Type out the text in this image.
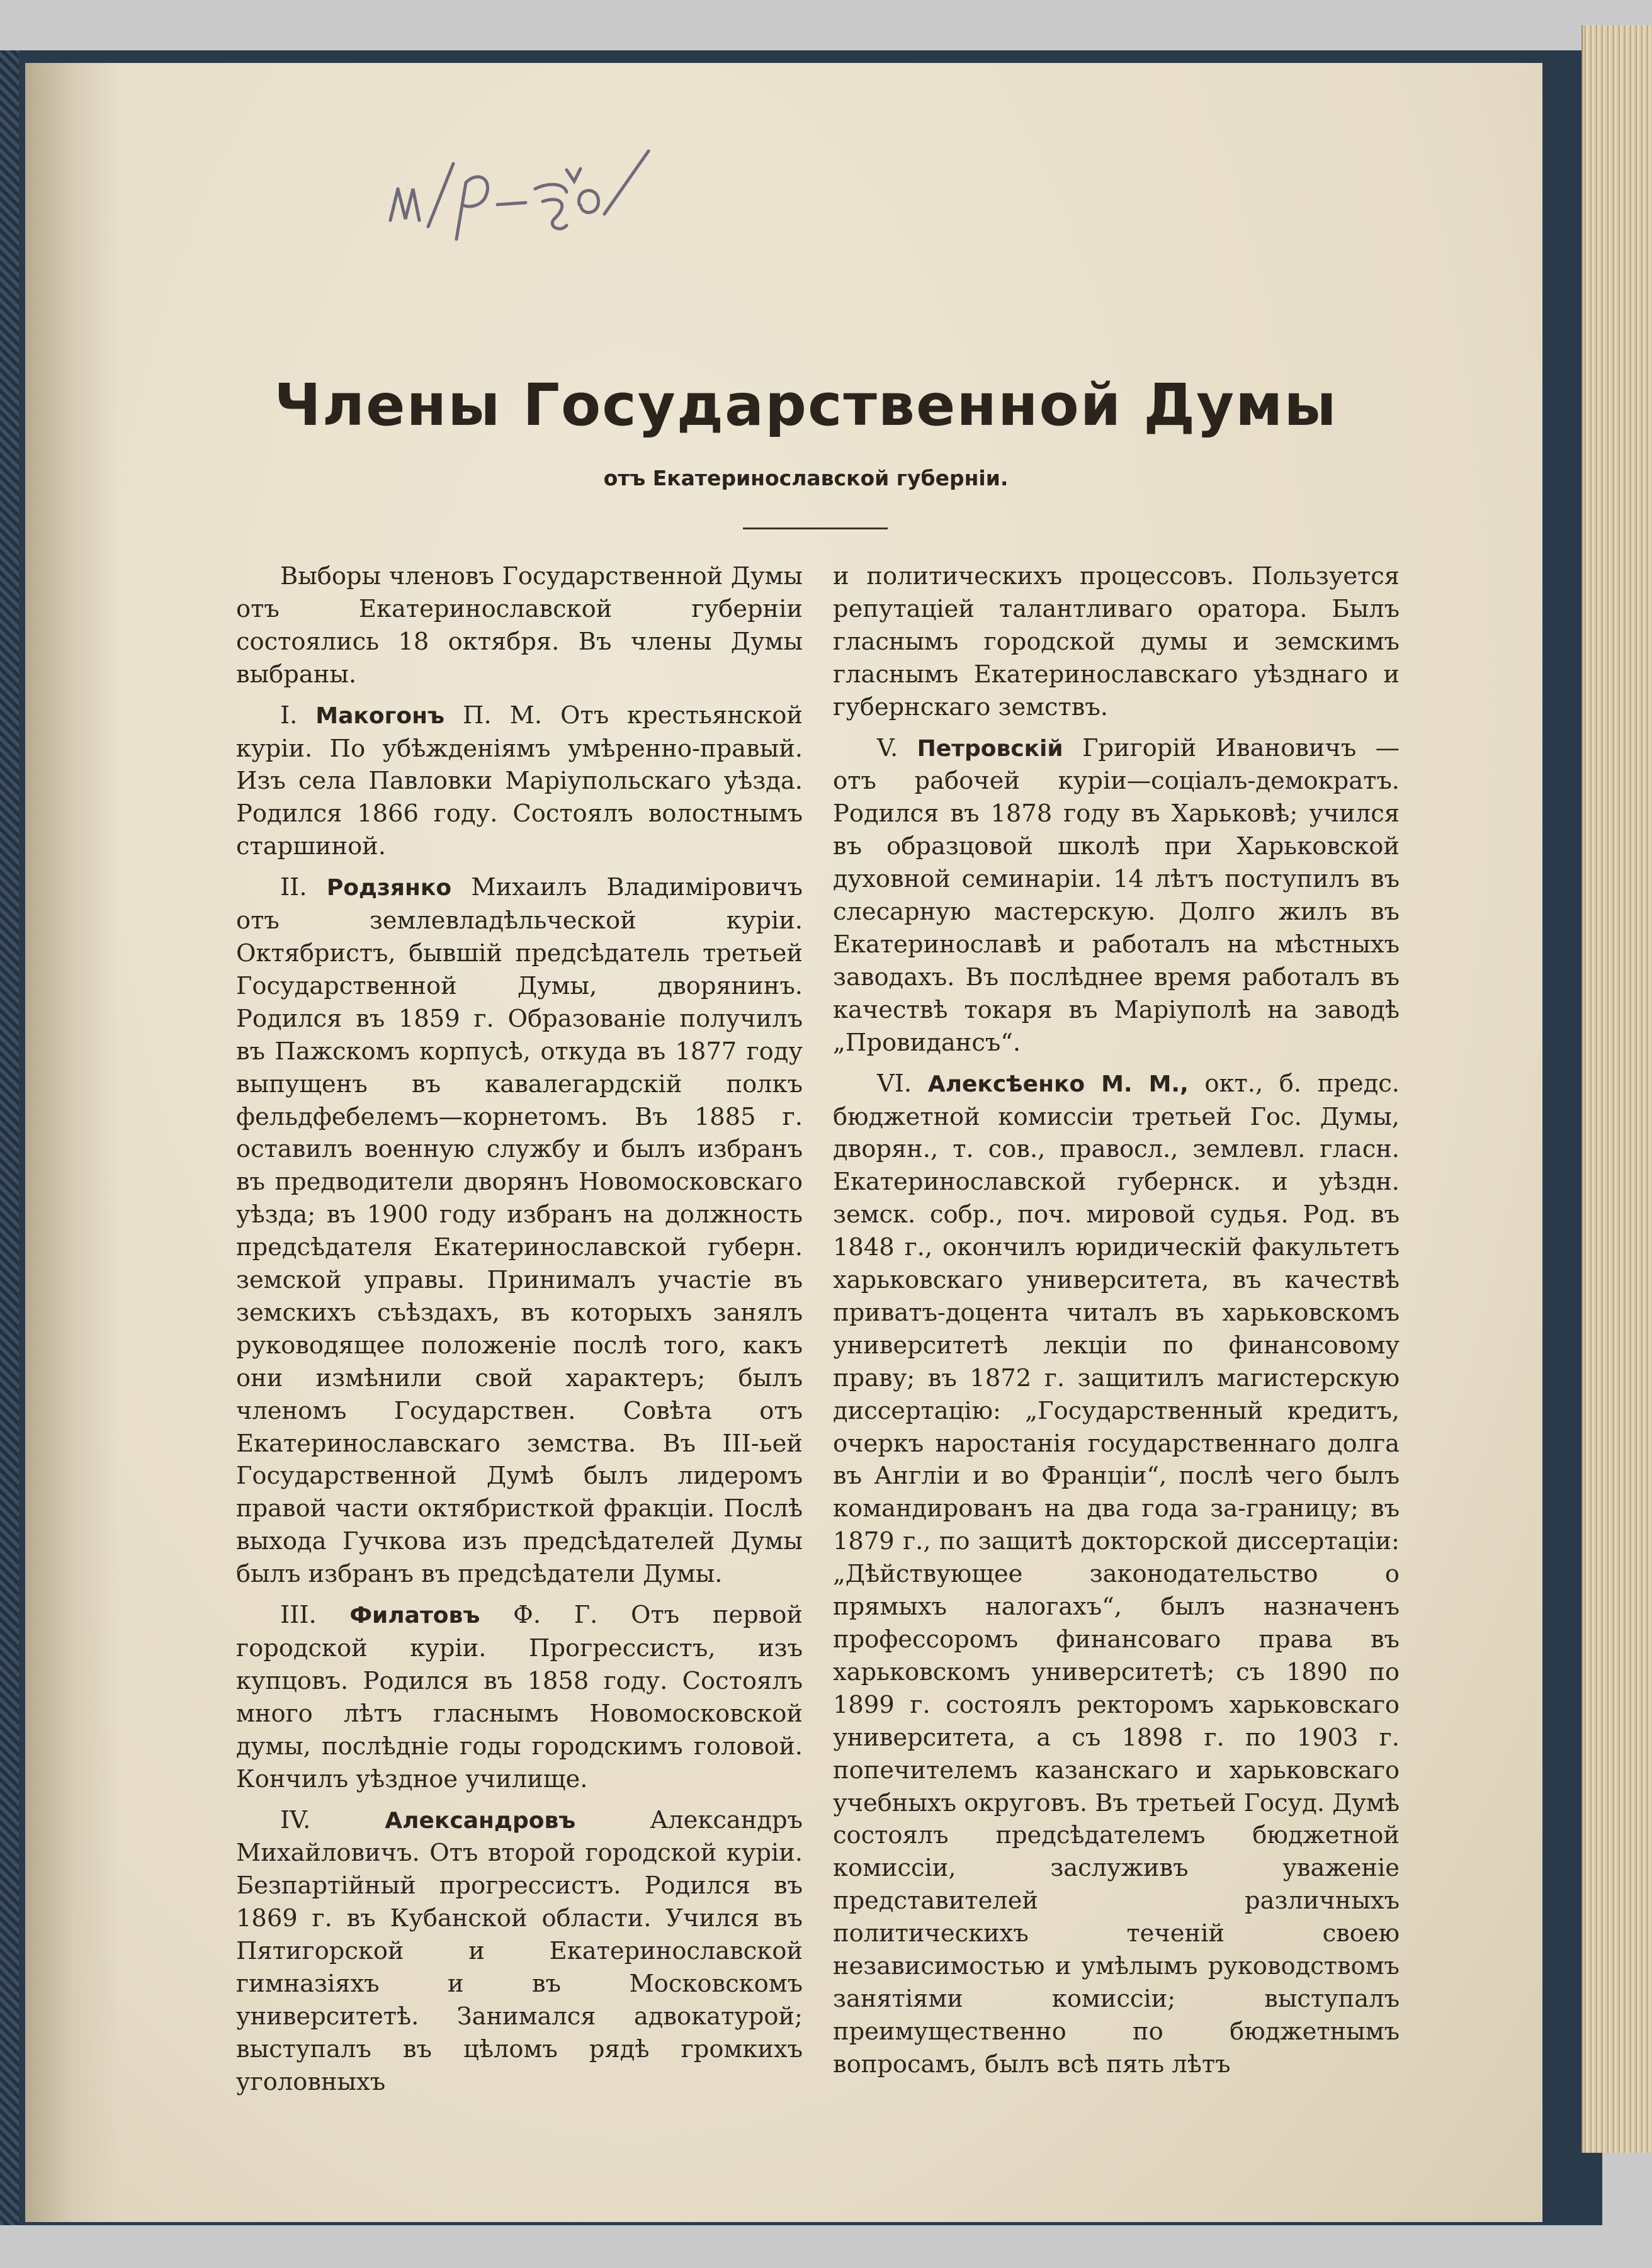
Члены Государственной Думы
отъ Екатеринославской губерніи.

Выборы членовъ Государственной Думы отъ Екатеринославской губерніи состоялись 18 октября. Въ члены Думы выбраны.

I. Макогонъ П. М. Отъ крестьянской куріи. По убѣжденіямъ умѣренно-правый. Изъ села Павловки Маріупольскаго уѣзда. Родился 1866 году. Состоялъ волостнымъ старшиной.

II. Родзянко Михаилъ Владиміровичъ отъ землевладѣльческой куріи. Октябристъ, бывшій предсѣдатель третьей Государственной Думы, дворянинъ. Родился въ 1859 г. Образованіе получилъ въ Пажскомъ корпусѣ, откуда въ 1877 году выпущенъ въ кавалегардскій полкъ фельдфебелемъ—корнетомъ. Въ 1885 г. оставилъ военную службу и былъ избранъ въ предводители дворянъ Новомосковскаго уѣзда; въ 1900 году избранъ на должность предсѣдателя Екатеринославской губерн. земской управы. Принималъ участіе въ земскихъ съѣздахъ, въ которыхъ занялъ руководящее положеніе послѣ того, какъ они измѣнили свой характеръ; былъ членомъ Государствен. Совѣта отъ Екатеринославскаго земства. Въ III-ьей Государственной Думѣ былъ лидеромъ правой части октябристкой фракціи. Послѣ выхода Гучкова изъ предсѣдателей Думы былъ избранъ въ предсѣдатели Думы.

III. Филатовъ Ф. Г. Отъ первой городской куріи. Прогрессистъ, изъ купцовъ. Родился въ 1858 году. Состоялъ много лѣтъ гласнымъ Новомосковской думы, послѣдніе годы городскимъ головой. Кончилъ уѣздное училище.

IV.	Александровъ Александръ Михайловичъ. Отъ второй городской куріи. Безпартійный прогрессистъ. Родился въ 1869 г. въ Кубанской области. Учился въ Пятигорской и Екатеринославской гимназіяхъ и въ Московскомъ университетѣ. Занимался адвокатурой; выступалъ въ цѣломъ рядѣ громкихъ уголовныхъ

и политическихъ процессовъ. Пользуется репутаціей талантливаго оратора. Былъ гласнымъ городской думы и земскимъ гласнымъ Екатеринославскаго уѣзднаго и губернскаго земствъ.

V. Петровскій Григорій Ивановичъ — отъ рабочей куріи—соціалъ-демократъ. Родился въ 1878 году въ Харьковѣ; учился въ образцовой школѣ при Харьковской духовной семинаріи. 14 лѣтъ поступилъ въ слесарную мастерскую. Долго жилъ въ Екатеринославѣ и работалъ на мѣстныхъ заводахъ. Въ послѣднее время работалъ въ качествѣ токаря въ Маріуполѣ на заводѣ „Провидансъ“.

VI. Алексѣенко М. М., окт., б. предс. бюджетной комиссіи третьей Гос. Думы, дворян., т. сов., правосл., землевл. гласн. Екатеринославской губернск. и уѣздн. земск. собр., поч. мировой судья. Род. въ 1848 г., окончилъ юридическій факультетъ харьковскаго университета, въ качествѣ приватъ-доцента читалъ въ харьковскомъ университетѣ лекціи по финансовому праву; въ 1872 г. защитилъ магистерскую диссертацію: „Государственный кредитъ, очеркъ наростанія государственнаго долга въ Англіи и во Франціи“, послѣ чего былъ командированъ на два года за-границу; въ 1879 г., по защитѣ докторской диссертаціи: „Дѣйствующее законодательство о прямыхъ налогахъ“, былъ назначенъ профессоромъ финансоваго права въ харьковскомъ университетѣ; съ 1890 по 1899 г. состоялъ ректоромъ харьковскаго университета, а съ 1898 г. по 1903 г. попечителемъ казанскаго и харьковскаго учебныхъ округовъ. Въ третьей Госуд. Думѣ состоялъ предсѣдателемъ бюджетной комиссіи, заслуживъ уваженіе представителей различныхъ политическихъ теченій своею независимостью и умѣлымъ руководствомъ занятіями комиссіи; выступалъ преимущественно по бюджетнымъ вопросамъ, былъ всѣ пять лѣтъ
